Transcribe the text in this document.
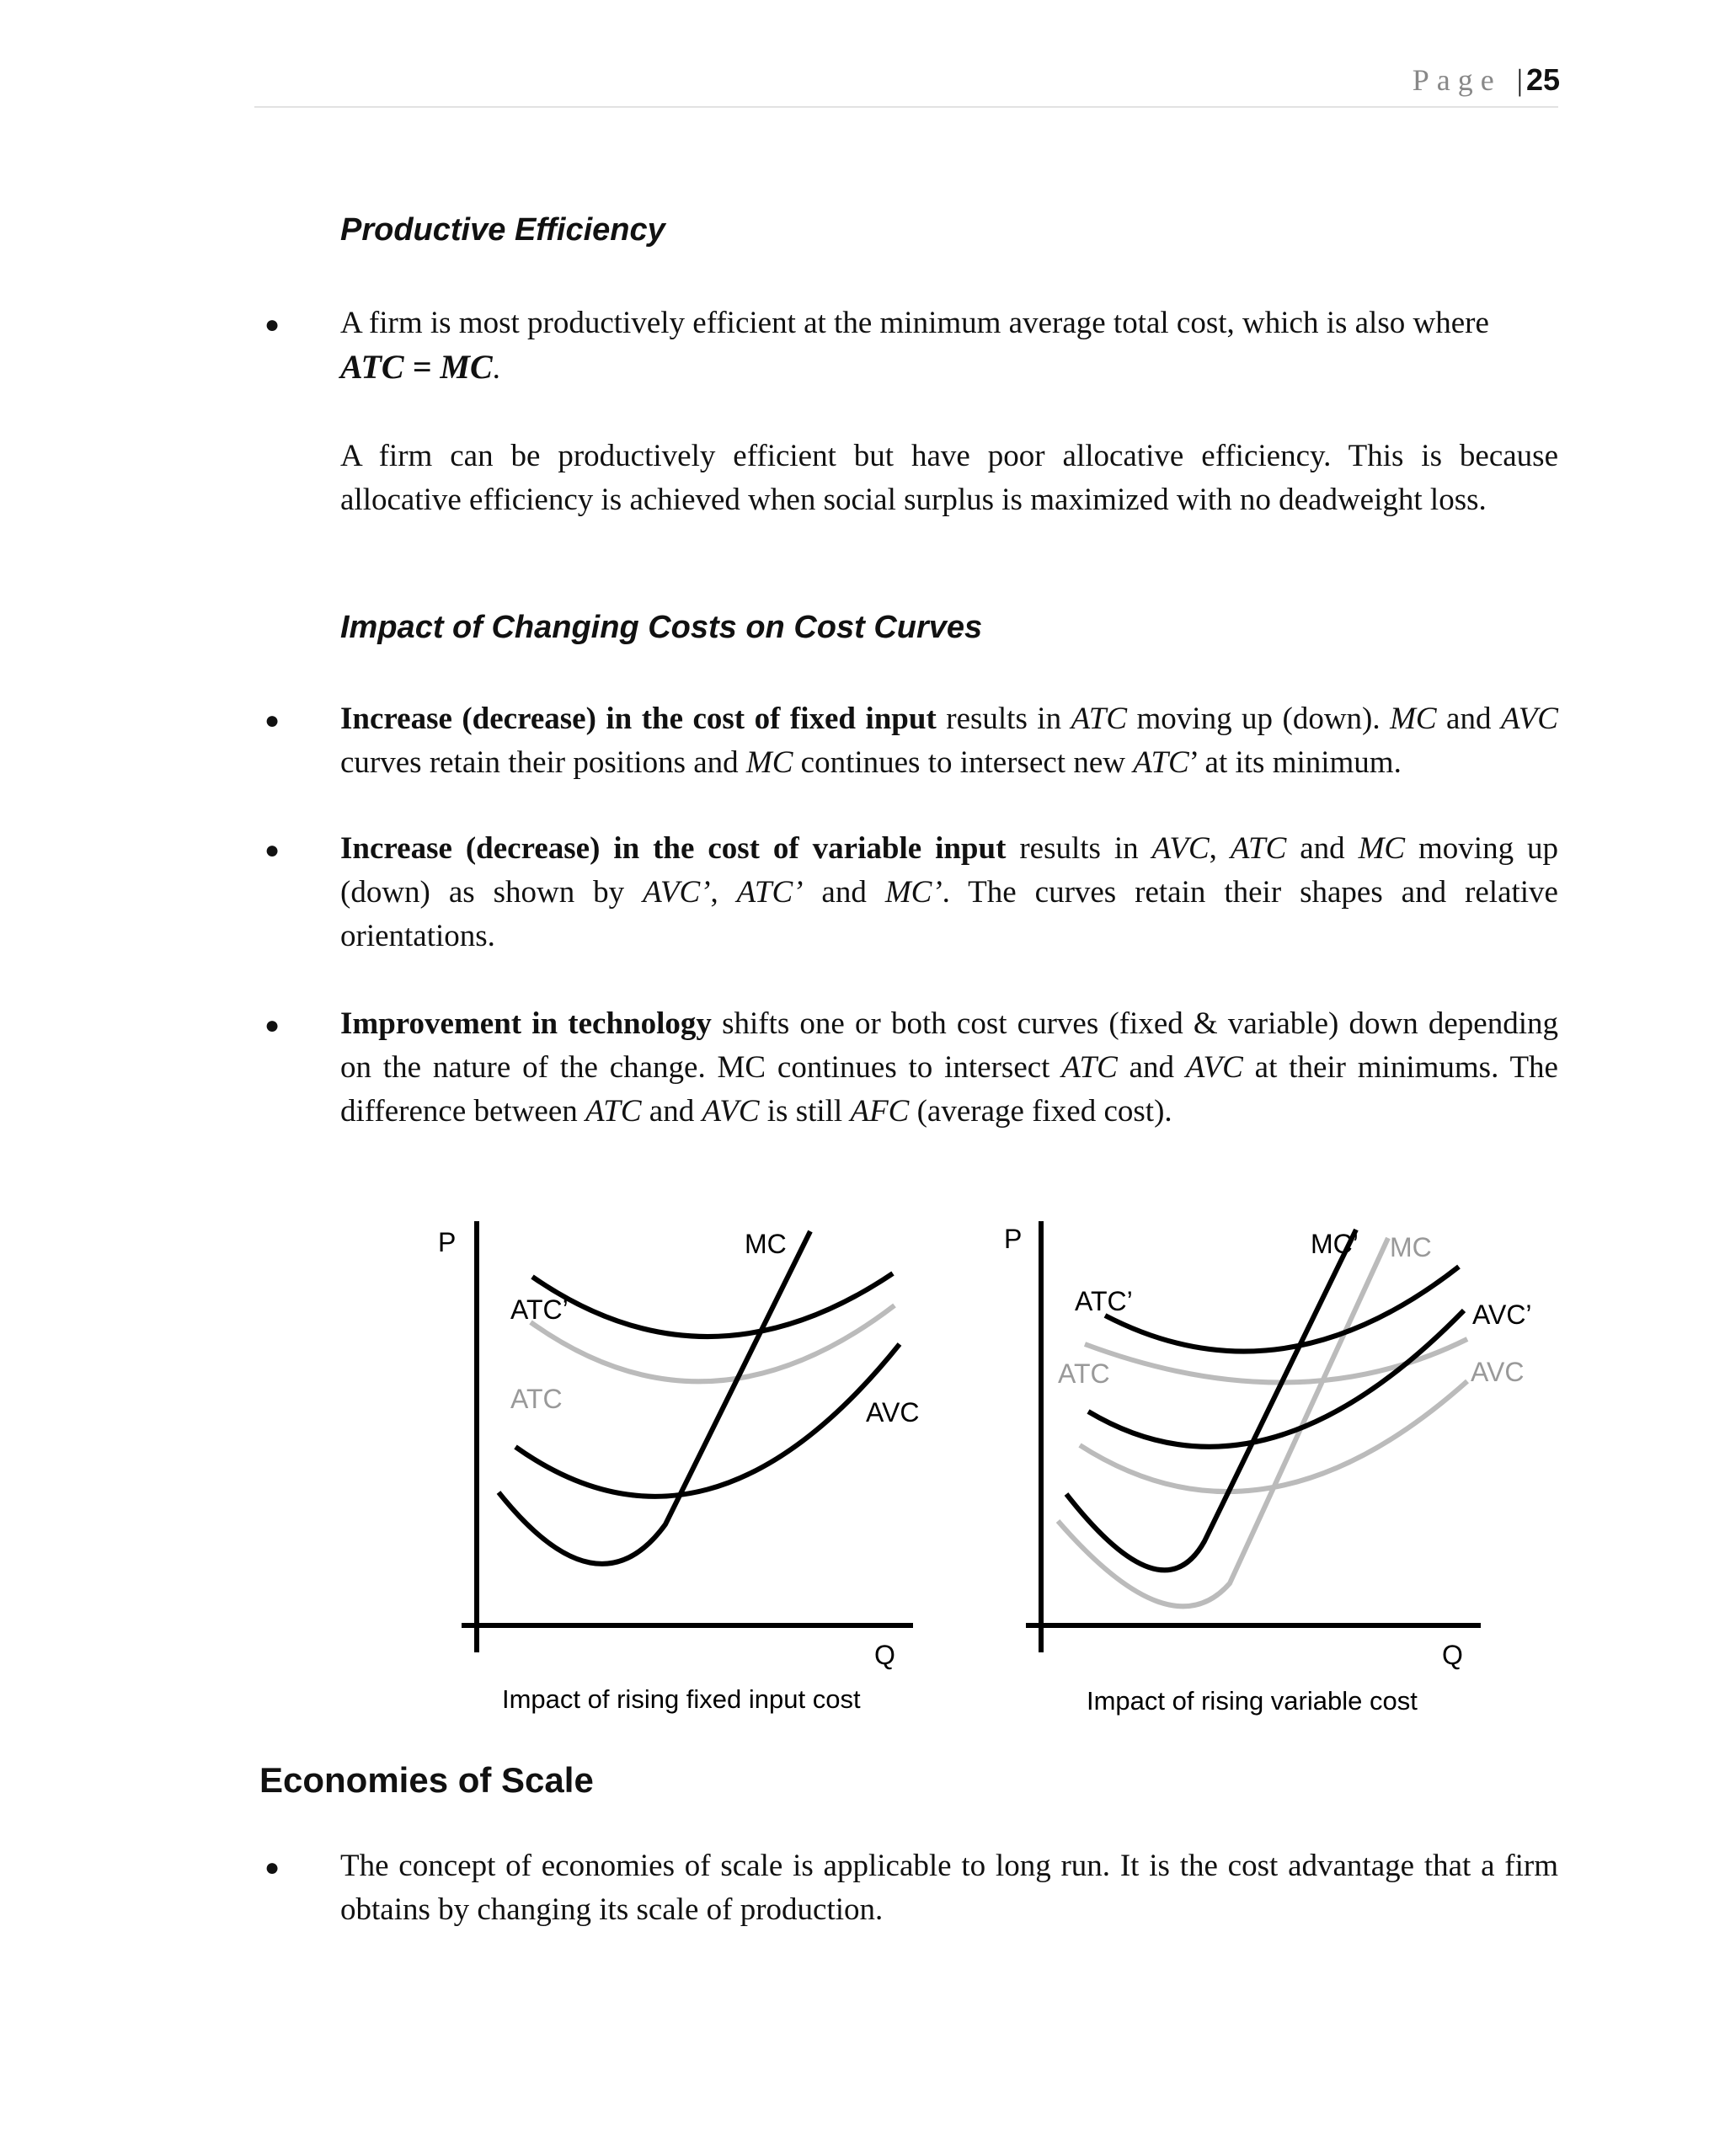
Page | 25
Productive Efficiency
● A firm is most productively efficient at the minimum average total cost, which is also where
ATC = MC.

A firm can be productively efficient but have poor allocative efficiency. This is because allocative efficiency is achieved when social surplus is maximized with no deadweight loss.

Impact of Changing Costs on Cost Curves
● Increase (decrease) in the cost of fixed input results in ATC moving up (down). MC and AVC curves retain their positions and MC continues to intersect new ATC’ at its minimum.

● Increase (decrease) in the cost of variable input results in AVC, ATC and MC moving up (down) as shown by AVC’, ATC’ and MC’. The curves retain their shapes and relative orientations.

● Improvement in technology shifts one or both cost curves (fixed & variable) down depending on the nature of the change. MC continues to intersect ATC and AVC at their minimums. The difference between ATC and AVC is still AFC (average fixed cost).

P
Q
MC
ATC’
ATC	AVC
Impact of rising fixed input cost
P
Q
MC’ MC
ATC’
ATC
AVC’
AVC
Impact of rising variable cost
Economies of Scale
● The concept of economies of scale is applicable to long run. It is the cost advantage that a firm obtains by changing its scale of production.
